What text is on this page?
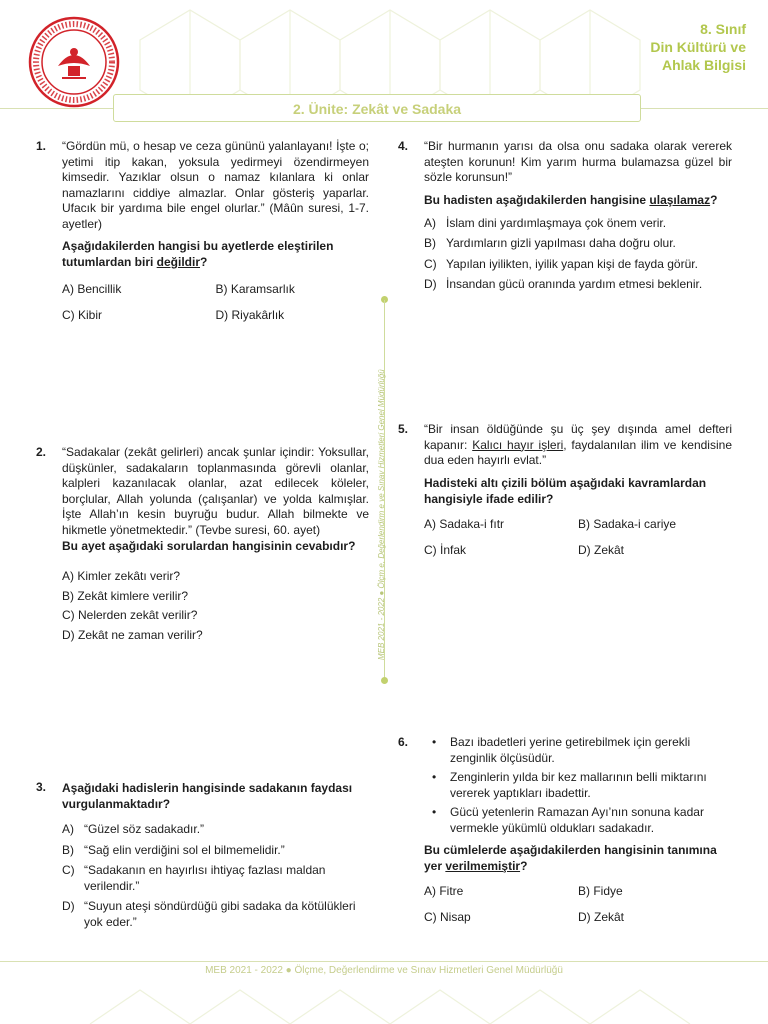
8. Sınıf
Din Kültürü ve
Ahlak Bilgisi
2. Ünite: Zekât ve Sadaka
MEB 2021 - 2022 ● Ölçm e, Değerlendirm e ve Sınav Hizmetleri Genel Müdürlüğü
1. “Gördün mü, o hesap ve ceza gününü yalanlayanı! İşte o; yetimi itip kakan, yoksula yedirmeyi özendirmeyen kimsedir. Yazıklar olsun o namaz kılanlara ki onlar namazlarını ciddiye almazlar. Onlar gösteriş yaparlar. Ufacık bir yardıma bile engel olurlar.” (Mâûn suresi, 1-7. ayetler)
Aşağıdakilerden hangisi bu ayetlerde eleştirilen tutumlardan biri değildir?
A) Bencillik	B) Karamsarlık
C) Kibir	D) Riyakârlık
2. “Sadakalar (zekât gelirleri) ancak şunlar içindir: Yoksullar, düşkünler, sadakaların toplanmasında görevli olanlar, kalpleri kazanılacak olanlar, azat edilecek köleler, borçlular, Allah yolunda (çalışanlar) ve yolda kalmışlar. İşte Allah’ın kesin buyruğu budur. Allah bilmekte ve hikmetle yönetmektedir.” (Tevbe suresi, 60. ayet)
Bu ayet aşağıdaki sorulardan hangisinin cevabıdır?
A) Kimler zekâtı verir?
B) Zekât kimlere verilir?
C) Nelerden zekât verilir?
D) Zekât ne zaman verilir?
3. Aşağıdaki hadislerin hangisinde sadakanın faydası vurgulanmaktadır?
A) “Güzel söz sadakadır.”
B) “Sağ elin verdiğini sol el bilmemelidir.”
C) “Sadakanın en hayırlısı ihtiyaç fazlası maldan verilendir.”
D) “Suyun ateşi söndürdüğü gibi sadaka da kötülükleri yok eder.”
4. “Bir hurmanın yarısı da olsa onu sadaka olarak vererek ateşten korunun! Kim yarım hurma bulamazsa güzel bir sözle korunsun!”
Bu hadisten aşağıdakilerden hangisine ulaşılamaz?
A) İslam dini yardımlaşmaya çok önem verir.
B) Yardımların gizli yapılması daha doğru olur.
C) Yapılan iyilikten, iyilik yapan kişi de fayda görür.
D) İnsandan gücü oranında yardım etmesi beklenir.
5. “Bir insan öldüğünde şu üç şey dışında amel defteri kapanır: Kalıcı hayır işleri, faydalanılan ilim ve kendisine dua eden hayırlı evlat.”
Hadisteki altı çizili bölüm aşağıdaki kavramlardan hangisiyle ifade edilir?
A) Sadaka-i fıtr	B) Sadaka-i cariye
C) İnfak	D) Zekât
6.	•	Bazı ibadetleri yerine getirebilmek için gerekli zenginlik ölçüsüdür.
•	Zenginlerin yılda bir kez mallarının belli miktarını vererek yaptıkları ibadettir.
•	Gücü yetenlerin Ramazan Ayı’nın sonuna kadar vermekle yükümlü oldukları sadakadır.
Bu cümlelerde aşağıdakilerden hangisinin tanımına yer verilmemiştir?
A) Fitre	B) Fidye
C) Nisap	D) Zekât
MEB 2021 - 2022 ● Ölçme, Değerlendirme ve Sınav Hizmetleri Genel Müdürlüğü
